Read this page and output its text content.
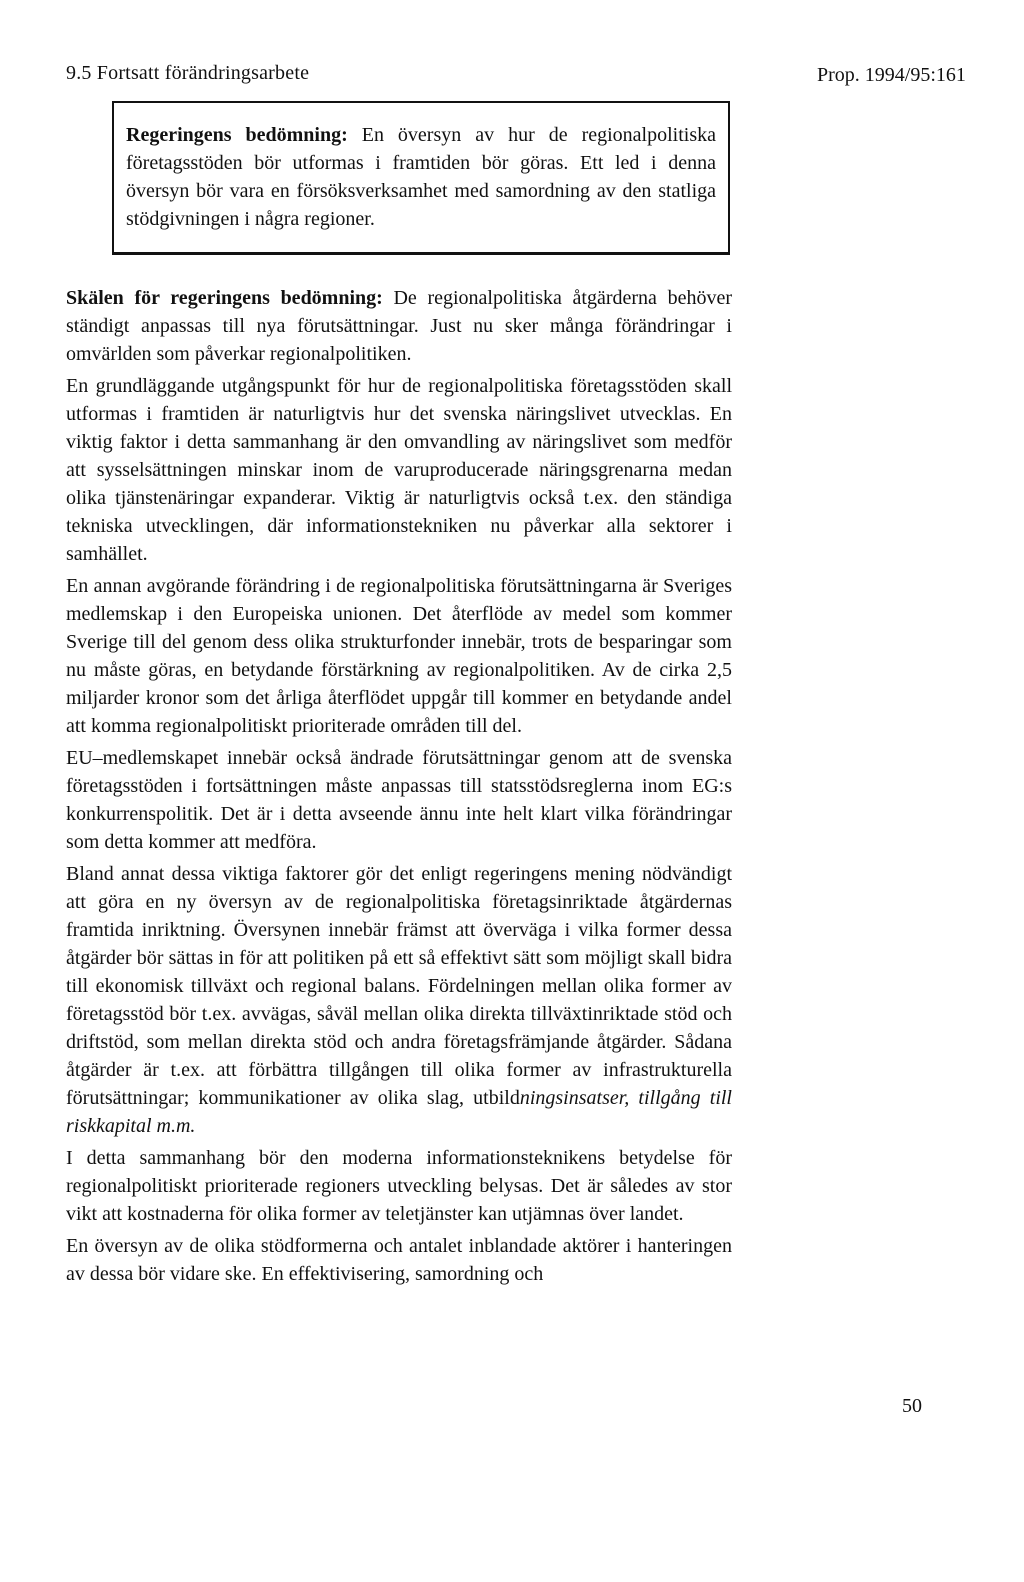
9.5 Fortsatt förändringsarbete	Prop. 1994/95:161
Regeringens bedömning: En översyn av hur de regionalpolitiska företagsstöden bör utformas i framtiden bör göras. Ett led i denna översyn bör vara en försöksverksamhet med samordning av den statliga stödgivningen i några regioner.

Skälen för regeringens bedömning: De regionalpolitiska åtgärderna behöver ständigt anpassas till nya förutsättningar. Just nu sker många förändringar i omvärlden som påverkar regionalpolitiken.

En grundläggande utgångspunkt för hur de regionalpolitiska företagsstöden skall utformas i framtiden är naturligtvis hur det svenska näringslivet utvecklas. En viktig faktor i detta sammanhang är den omvandling av näringslivet som medför att sysselsättningen minskar inom de varuproducerade näringsgrenarna medan olika tjänstenäringar expanderar. Viktig är naturligtvis också t.ex. den ständiga tekniska utvecklingen, där informationstekniken nu påverkar alla sektorer i samhället.

En annan avgörande förändring i de regionalpolitiska förutsättningarna är Sveriges medlemskap i den Europeiska unionen. Det återflöde av medel som kommer Sverige till del genom dess olika strukturfonder innebär, trots de besparingar som nu måste göras, en betydande förstärkning av regionalpolitiken. Av de cirka 2,5 miljarder kronor som det årliga återflödet uppgår till kommer en betydande andel att komma regionalpolitiskt prioriterade områden till del.

EU–medlemskapet innebär också ändrade förutsättningar genom att de svenska företagsstöden i fortsättningen måste anpassas till statsstödsreglerna inom EG:s konkurrenspolitik. Det är i detta avseende ännu inte helt klart vilka förändringar som detta kommer att medföra.

Bland annat dessa viktiga faktorer gör det enligt regeringens mening nödvändigt att göra en ny översyn av de regionalpolitiska företagsinriktade åtgärdernas framtida inriktning. Översynen innebär främst att överväga i vilka former dessa åtgärder bör sättas in för att politiken på ett så effektivt sätt som möjligt skall bidra till ekonomisk tillväxt och regional balans. Fördelningen mellan olika former av företagsstöd bör t.ex. avvägas, såväl mellan olika direkta tillväxtinriktade stöd och driftstöd, som mellan direkta stöd och andra företagsfrämjande åtgärder. Sådana åtgärder är t.ex. att förbättra tillgången till olika former av infrastrukturella förutsättningar; kommunikationer av olika slag, utbildningsinsatser, tillgång till riskkapital m.m.

I detta sammanhang bör den moderna informationsteknikens betydelse för regionalpolitiskt prioriterade regioners utveckling belysas. Det är således av stor vikt att kostnaderna för olika former av teletjänster kan utjämnas över landet.

En översyn av de olika stödformerna och antalet inblandade aktörer i hanteringen av dessa bör vidare ske. En effektivisering, samordning och

50
